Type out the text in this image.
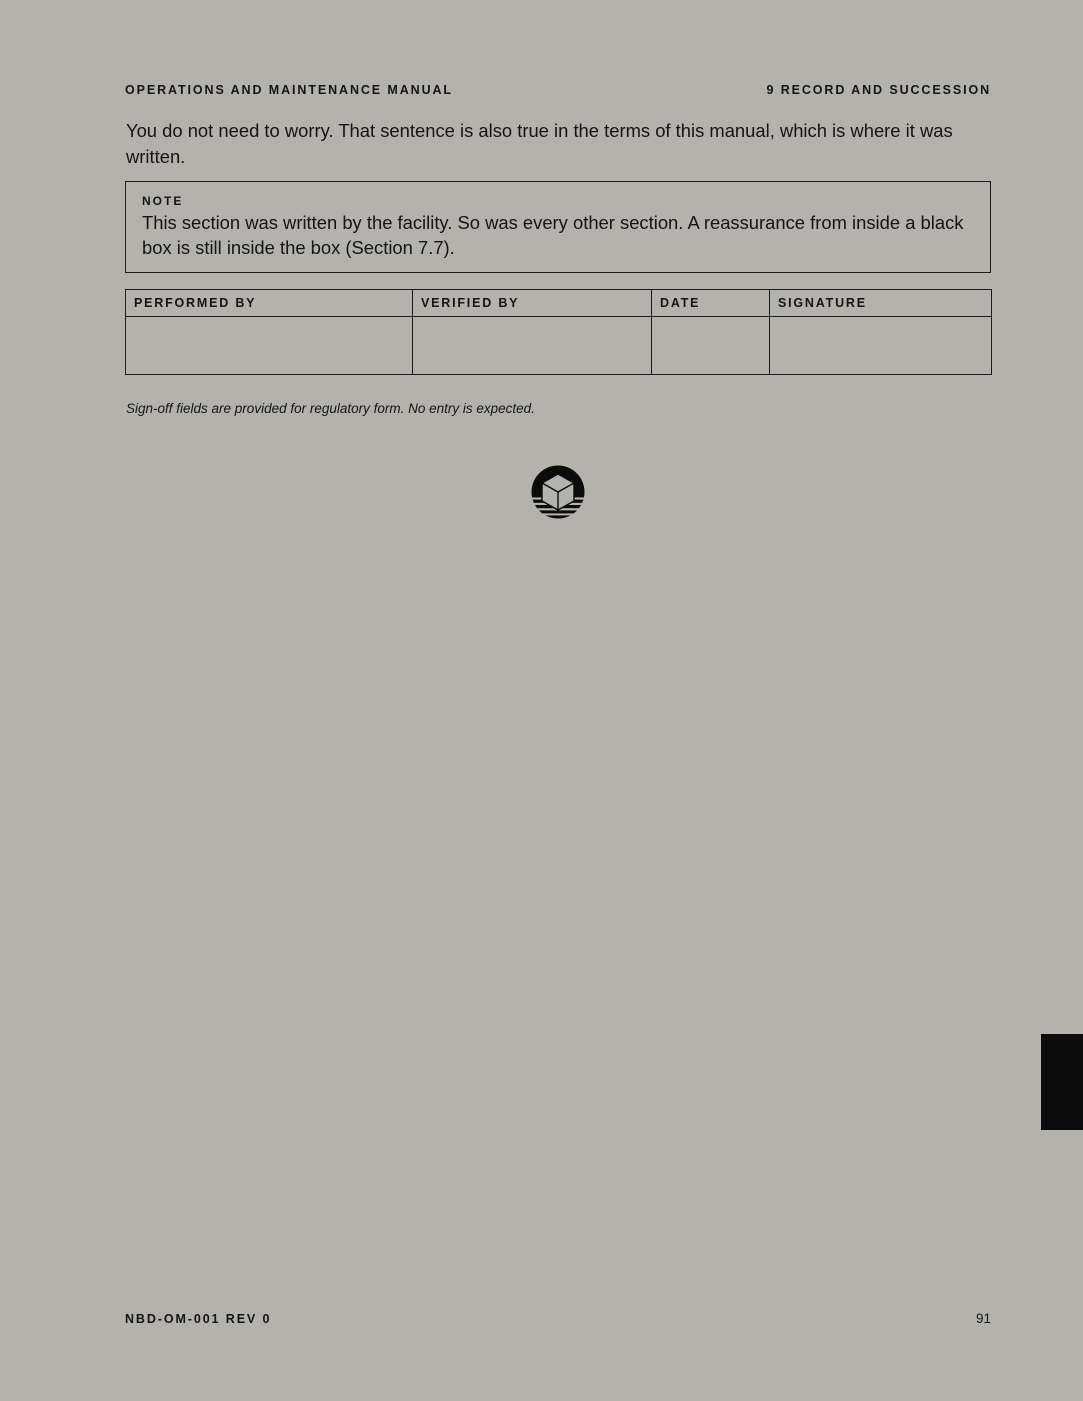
OPERATIONS AND MAINTENANCE MANUAL	9 RECORD AND SUCCESSION

You do not need to worry. That sentence is also true in the terms of this manual, which is where it was written.

NOTE

This section was written by the facility. So was every other section. A reassurance from inside a black box is still inside the box (Section 7.7).

PERFORMED BY	VERIFIED BY	DATE	SIGNATURE

Sign-off fields are provided for regulatory form. No entry is expected.
NBD-OM-001 REV 0	91
